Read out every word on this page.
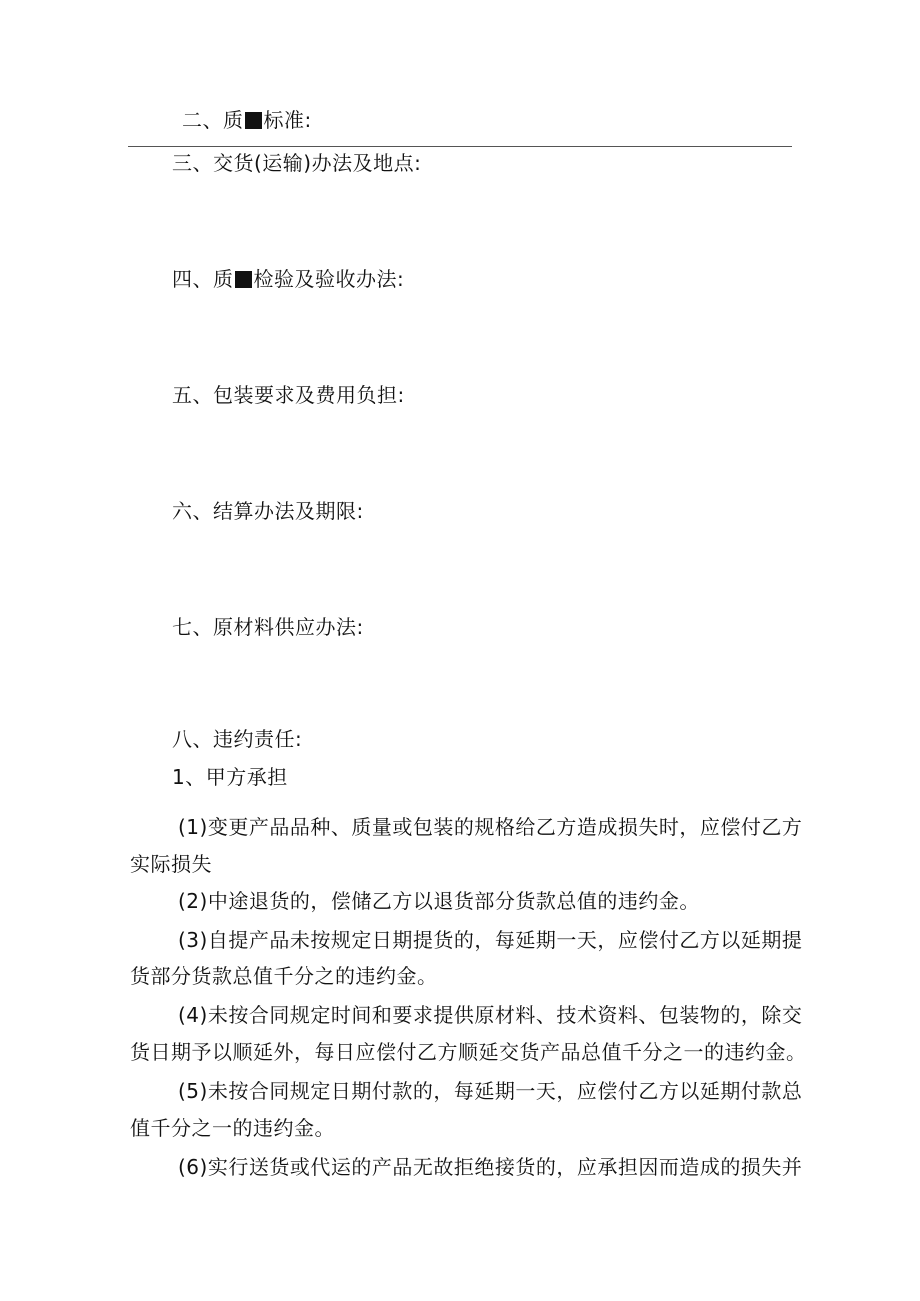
二、质 标准:
三、交货(运输)办法及地点:
四、质 检验及验收办法:
五、包装要求及费用负担:
六、结算办法及期限:
七、原材料供应办法:
八、违约责任:
1、甲方承担
(1)变更产品品种、质量或包装的规格给乙方造成损失时，应偿付乙方
实际损失
(2)中途退货的，偿储乙方以退货部分货款总值的违约金。
(3)自提产品未按规定日期提货的，每延期一天，应偿付乙方以延期提
货部分货款总值千分之的违约金。
(4)未按合同规定时间和要求提供原材料、技术资料、包装物的，除交
货日期予以顺延外，每日应偿付乙方顺延交货产品总值千分之一的违约金。
(5)未按合同规定日期付款的，每延期一天，应偿付乙方以延期付款总
值千分之一的违约金。
(6)实行送货或代运的产品无故拒绝接货的，应承担因而造成的损失并
